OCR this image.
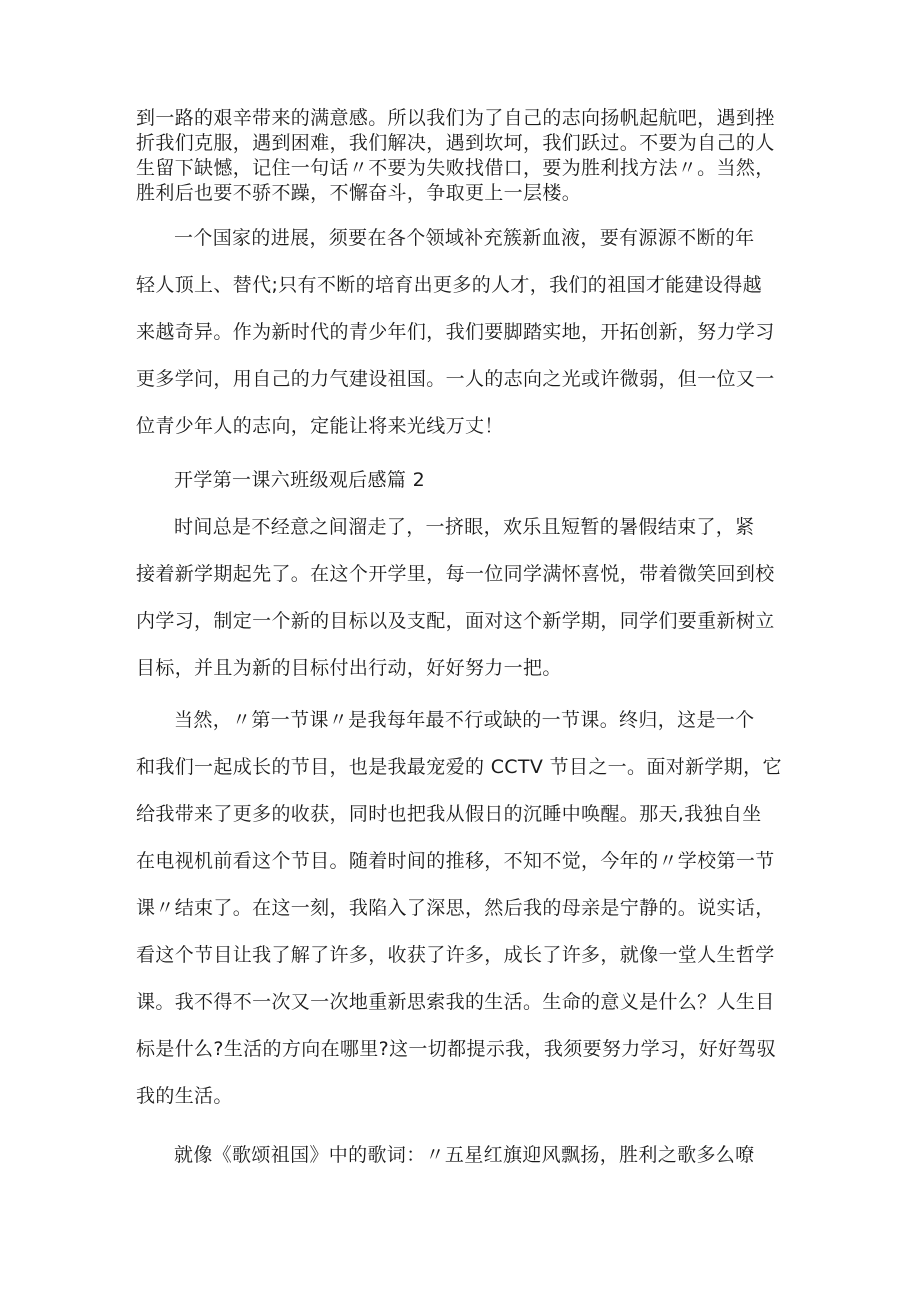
到一路的艰辛带来的满意感。所以我们为了自己的志向扬帆起航吧，遇到挫
折我们克服，遇到困难，我们解决，遇到坎坷，我们跃过。不要为自己的人
生留下缺憾，记住一句话〃不要为失败找借口，要为胜利找方法〃。当然，
胜利后也要不骄不躁，不懈奋斗，争取更上一层楼。
一个国家的进展，须要在各个领域补充簇新血液，要有源源不断的年
轻人顶上、替代;只有不断的培育出更多的人才，我们的祖国才能建设得越
来越奇异。作为新时代的青少年们，我们要脚踏实地，开拓创新，努力学习
更多学问，用自己的力气建设祖国。一人的志向之光或许微弱，但一位又一
位青少年人的志向，定能让将来光线万丈！
开学第一课六班级观后感篇 2
时间总是不经意之间溜走了，一挤眼，欢乐且短暂的暑假结束了，紧
接着新学期起先了。在这个开学里，每一位同学满怀喜悦，带着微笑回到校
内学习，制定一个新的目标以及支配，面对这个新学期，同学们要重新树立
目标，并且为新的目标付出行动，好好努力一把。
当然，〃第一节课〃是我每年最不行或缺的一节课。终归，这是一个
和我们一起成长的节目，也是我最宠爱的 CCTV 节目之一。面对新学期，它
给我带来了更多的收获，同时也把我从假日的沉睡中唤醒。那天,我独自坐
在电视机前看这个节目。随着时间的推移，不知不觉，今年的〃学校第一节
课〃结束了。在这一刻，我陷入了深思，然后我的母亲是宁静的。说实话，
看这个节目让我了解了许多，收获了许多，成长了许多，就像一堂人生哲学
课。我不得不一次又一次地重新思索我的生活。生命的意义是什么？人生目
标是什么?生活的方向在哪里?这一切都提示我，我须要努力学习，好好驾驭
我的生活。
就像《歌颂祖国》中的歌词：〃五星红旗迎风飘扬，胜利之歌多么嘹
